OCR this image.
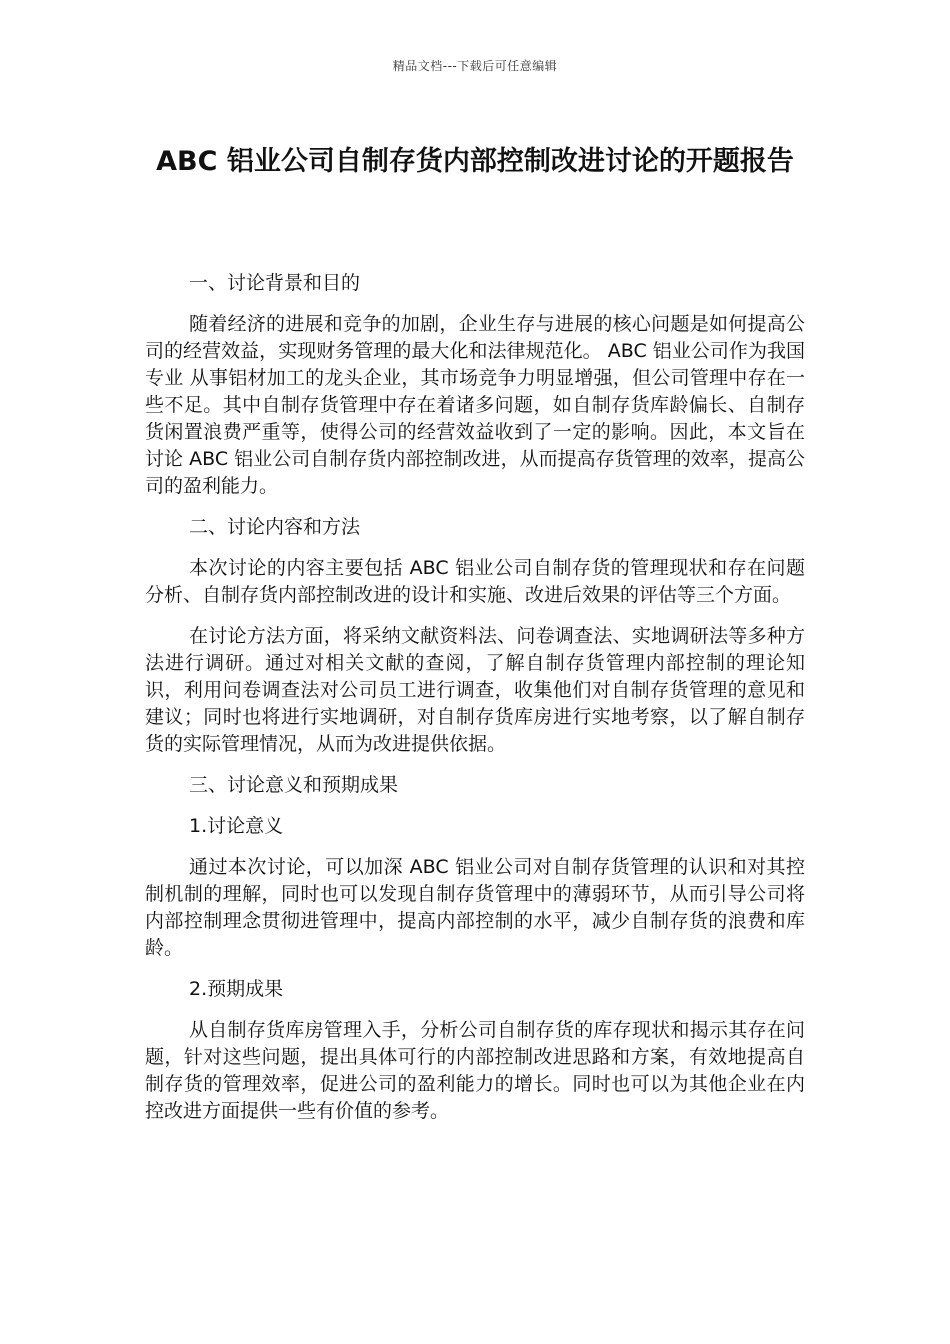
精品文档---下载后可任意编辑
ABC 铝业公司自制存货内部控制改进讨论的开题报告

一、讨论背景和目的

随着经济的进展和竞争的加剧，企业生存与进展的核心问题是如何提高公司的经营效益，实现财务管理的最大化和法律规范化。 ABC 铝业公司作为我国 专业 从事铝材加工的龙头企业，其市场竞争力明显增强，但公司管理中存在一些不足。其中自制存货管理中存在着诸多问题，如自制存货库龄偏长、自制存货闲置浪费严重等，使得公司的经营效益收到了一定的影响。因此，本文旨在讨论 ABC 铝业公司自制存货内部控制改进，从而提高存货管理的效率，提高公司的盈利能力。

二、讨论内容和方法

本次讨论的内容主要包括 ABC 铝业公司自制存货的管理现状和存在问题分析、自制存货内部控制改进的设计和实施、改进后效果的评估等三个方面。

在讨论方法方面，将采纳文献资料法、问卷调查法、实地调研法等多种方法进行调研。通过对相关文献的查阅，了解自制存货管理内部控制的理论知识，利用问卷调查法对公司员工进行调查，收集他们对自制存货管理的意见和建议；同时也将进行实地调研，对自制存货库房进行实地考察，以了解自制存货的实际管理情况，从而为改进提供依据。

三、讨论意义和预期成果

1.讨论意义

通过本次讨论，可以加深 ABC 铝业公司对自制存货管理的认识和对其控制机制的理解，同时也可以发现自制存货管理中的薄弱环节，从而引导公司将内部控制理念贯彻进管理中，提高内部控制的水平，减少自制存货的浪费和库龄。

2.预期成果

从自制存货库房管理入手，分析公司自制存货的库存现状和揭示其存在问题，针对这些问题，提出具体可行的内部控制改进思路和方案，有效地提高自制存货的管理效率，促进公司的盈利能力的增长。同时也可以为其他企业在内控改进方面提供一些有价值的参考。
